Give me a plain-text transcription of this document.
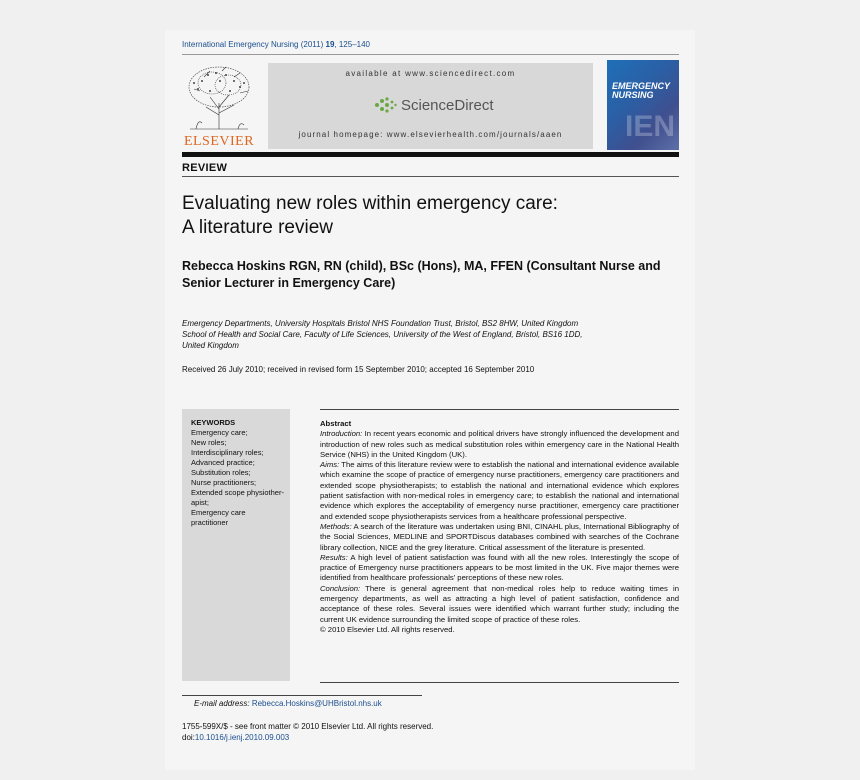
International Emergency Nursing (2011) 19, 125–140
ELSEVIER
available at www.sciencedirect.com
ScienceDirect
journal homepage: www.elsevierhealth.com/journals/aaen
EMERGENCY
NURSING
IEN
REVIEW
Evaluating new roles within emergency care:
A literature review
Rebecca Hoskins RGN, RN (child), BSc (Hons), MA, FFEN (Consultant Nurse and Senior Lecturer in Emergency Care)
Emergency Departments, University Hospitals Bristol NHS Foundation Trust, Bristol, BS2 8HW, United Kingdom
School of Health and Social Care, Faculty of Life Sciences, University of the West of England, Bristol, BS16 1DD,
United Kingdom
Received 26 July 2010; received in revised form 15 September 2010; accepted 16 September 2010
KEYWORDS
Emergency care;
New roles;
Interdisciplinary roles;
Advanced practice;
Substitution roles;
Nurse practitioners;
Extended scope physiother-
apist;
Emergency care
practitioner
Abstract
Introduction: In recent years economic and political drivers have strongly influenced the development and introduction of new roles such as medical substitution roles within emergency care in the National Health Service (NHS) in the United Kingdom (UK).
Aims: The aims of this literature review were to establish the national and international evidence available which examine the scope of practice of emergency nurse practitioners, emergency care practitioners and extended scope physiotherapists; to establish the national and international evidence which explores patient satisfaction with non-medical roles in emergency care; to establish the national and international evidence which explores the acceptability of emergency nurse practitioner, emergency care practitioner and extended scope physiotherapists services from a healthcare professional perspective.
Methods: A search of the literature was undertaken using BNI, CINAHL plus, International Bibliography of the Social Sciences, MEDLINE and SPORTDiscus databases combined with searches of the Cochrane library collection, NICE and the grey literature. Critical assessment of the literature is presented.
Results: A high level of patient satisfaction was found with all the new roles. Interestingly the scope of practice of Emergency nurse practitioners appears to be most limited in the UK. Five major themes were identified from healthcare professionals’ perceptions of these new roles.
Conclusion: There is general agreement that non-medical roles help to reduce waiting times in emergency departments, as well as attracting a high level of patient satisfaction, confidence and acceptance of these roles. Several issues were identified which warrant further study; including the current UK evidence surrounding the limited scope of practice of these roles.
© 2010 Elsevier Ltd. All rights reserved.
E-mail address: Rebecca.Hoskins@UHBristol.nhs.uk
1755-599X/$ - see front matter © 2010 Elsevier Ltd. All rights reserved.
doi:10.1016/j.ienj.2010.09.003
